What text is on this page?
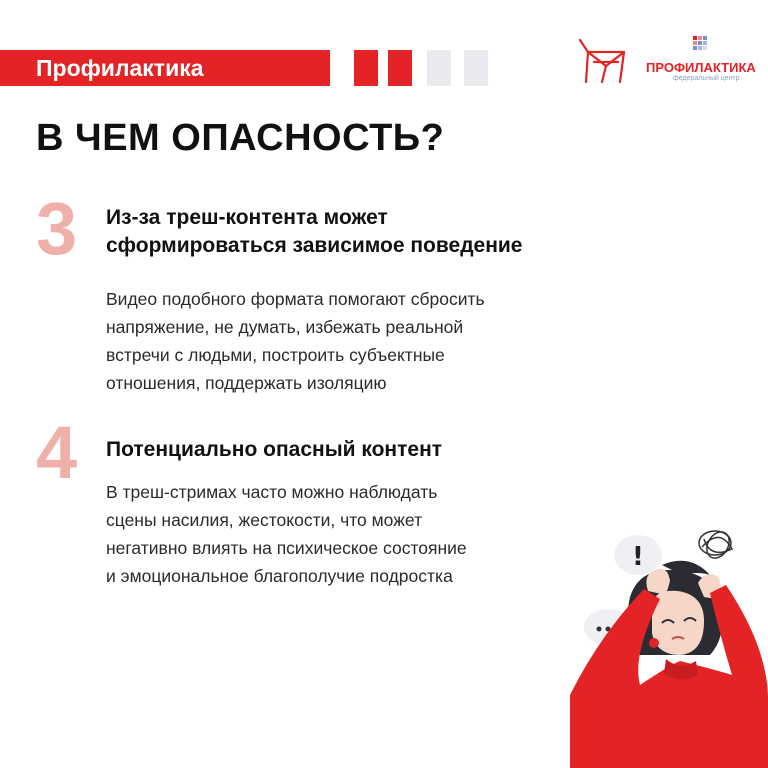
Профилактика	ПРОФИЛАКТИКА
федеральный центр
В ЧЕМ ОПАСНОСТЬ?
3 Из-за треш-контента может
сформироваться зависимое поведение

Видео подобного формата помогают сбросить
напряжение, не думать, избежать реальной
встречи с людьми, построить субъектные
отношения, поддержать изоляцию

4 Потенциально опасный контент

В треш-стримах часто можно наблюдать
сцены насилия, жестокости, что может
негативно влиять на психическое состояние
и эмоциональное благополучие подростка

!
